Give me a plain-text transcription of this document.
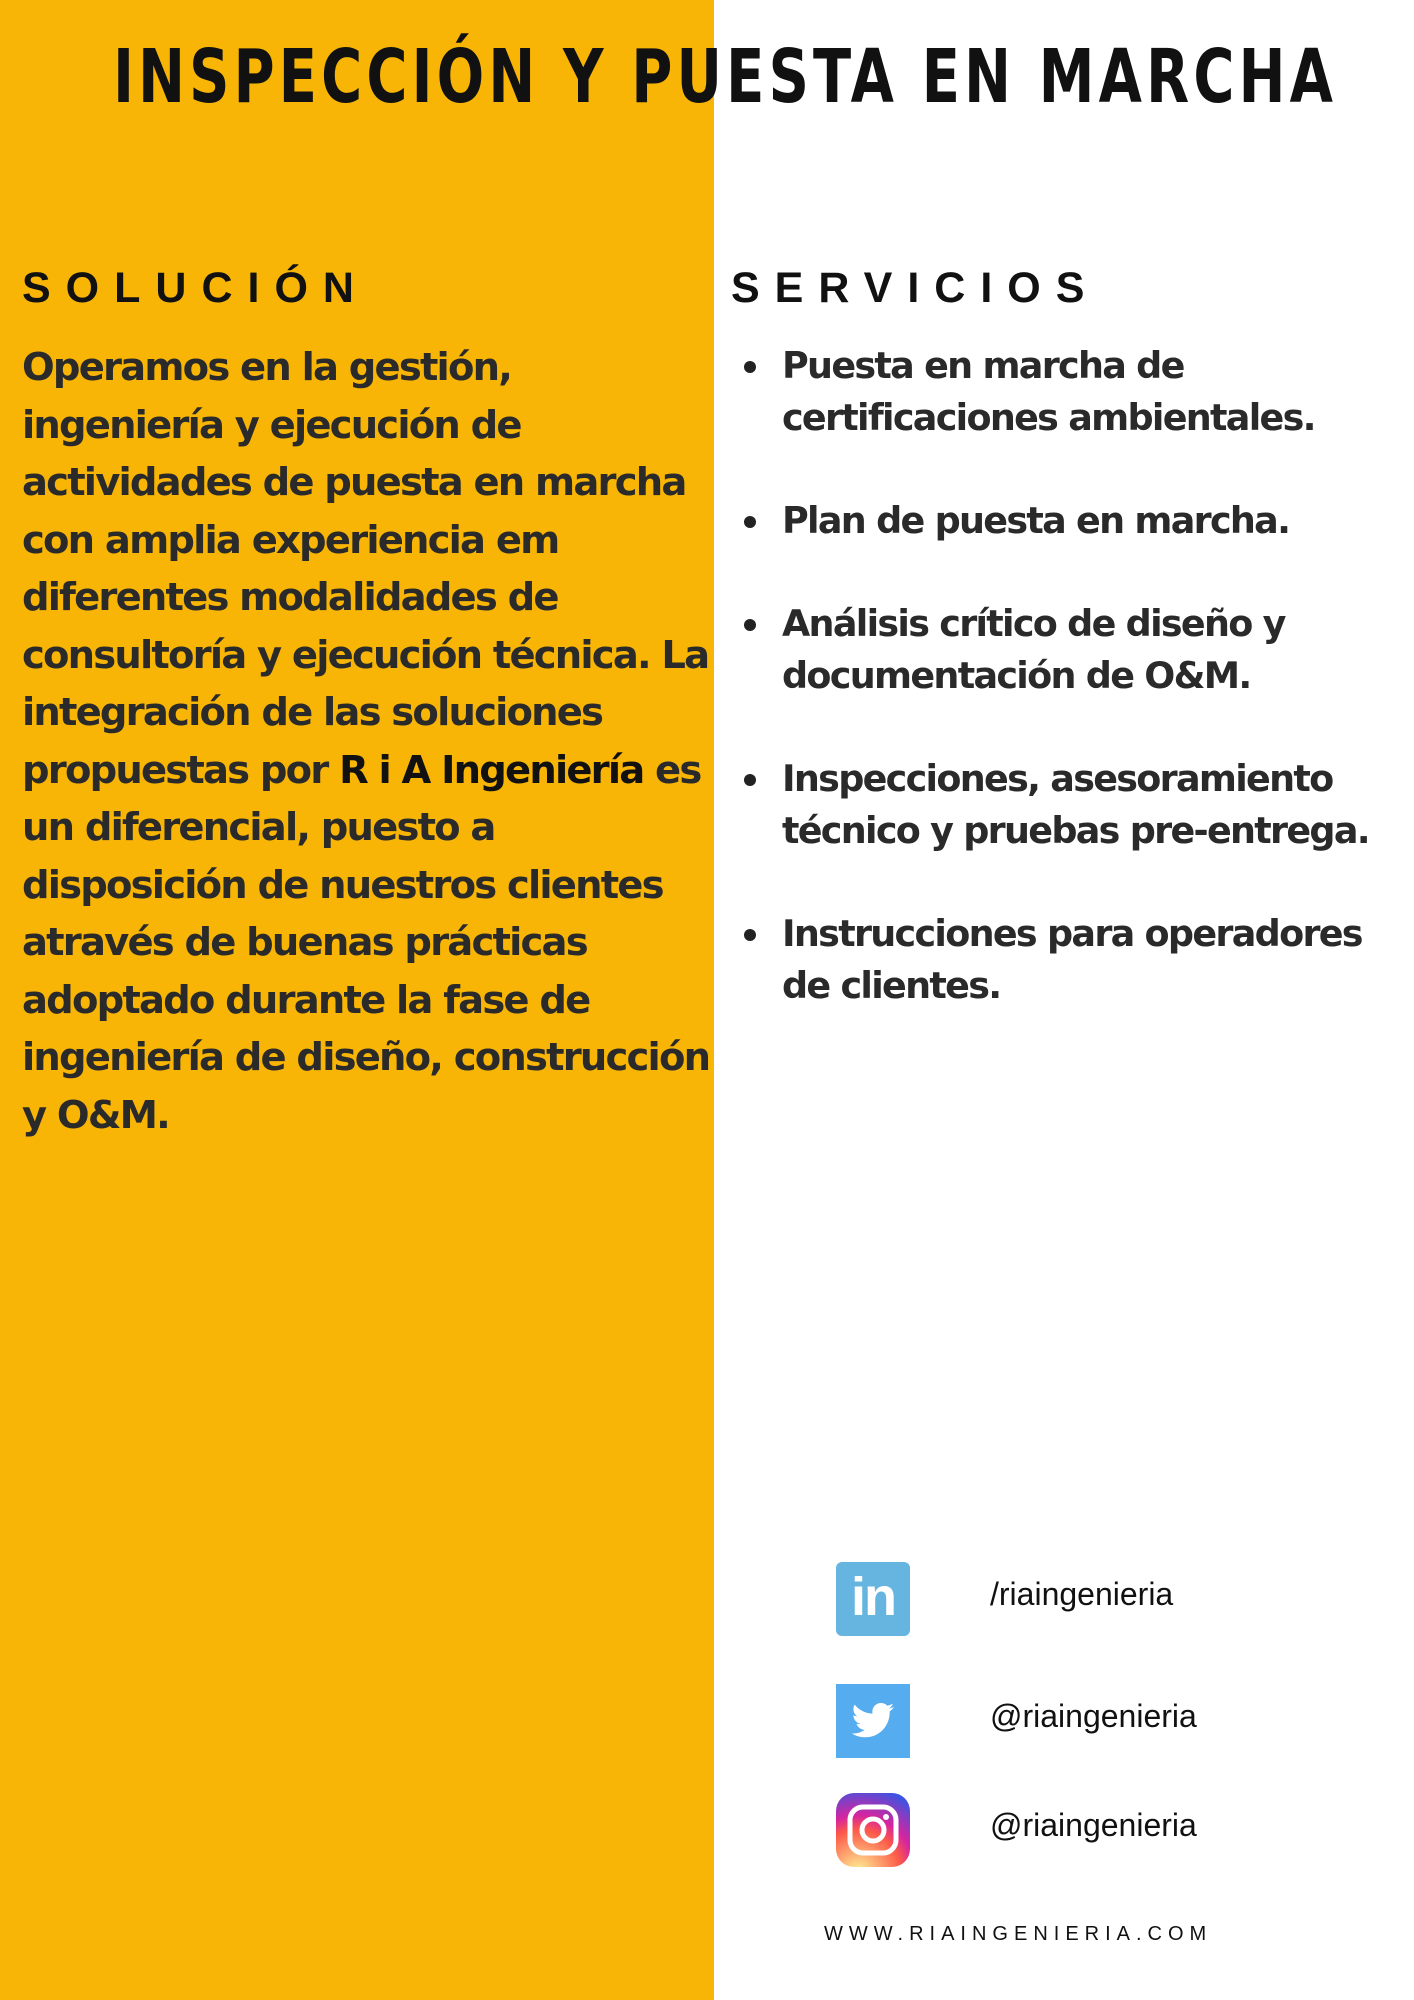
INSPECCIÓN Y PUESTA EN MARCHA
SOLUCIÓN

Operamos en la gestión, ingeniería y ejecución de actividades de puesta en marcha con amplia experiencia em diferentes modalidades de consultoría y ejecución técnica. La integración de las soluciones propuestas por R i A Ingeniería es un diferencial, puesto a disposición de nuestros clientes através de buenas prácticas adoptado durante la fase de ingeniería de diseño, construcción y O&M.

SERVICIOS
Puesta en marcha de certificaciones ambientales.
Plan de puesta en marcha.
Análisis crítico de diseño y documentación de O&M.
Inspecciones, asesoramiento técnico y pruebas pre-entrega.
Instrucciones para operadores de clientes.
in	/riaingenieria
@riaingenieria
@riaingenieria

WWW.RIAINGENIERIA.COM
